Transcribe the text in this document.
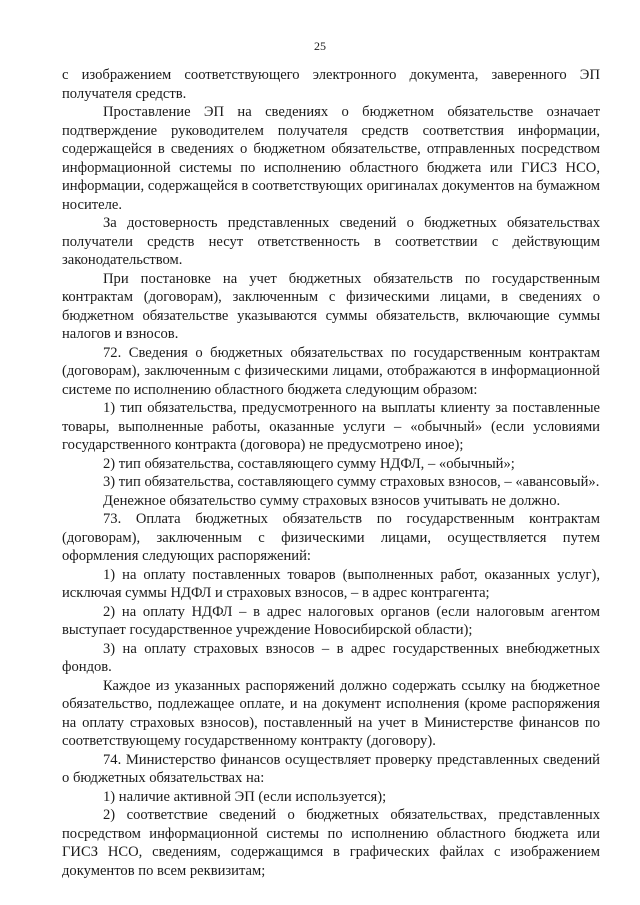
25

с изображением соответствующего электронного документа, заверенного ЭП получателя средств.

Проставление ЭП на сведениях о бюджетном обязательстве означает подтверждение руководителем получателя средств соответствия информации, содержащейся в сведениях о бюджетном обязательстве, отправленных посредством информационной системы по исполнению областного бюджета или ГИСЗ НСО, информации, содержащейся в соответствующих оригиналах документов на бумажном носителе.

За достоверность представленных сведений о бюджетных обязательствах получатели средств несут ответственность в соответствии с действующим законодательством.

При постановке на учет бюджетных обязательств по государственным контрактам (договорам), заключенным с физическими лицами, в сведениях о бюджетном обязательстве указываются суммы обязательств, включающие суммы налогов и взносов.

72. Сведения о бюджетных обязательствах по государственным контрактам (договорам), заключенным с физическими лицами, отображаются в информационной системе по исполнению областного бюджета следующим образом:

1) тип обязательства, предусмотренного на выплаты клиенту за поставленные товары, выполненные работы, оказанные услуги – «обычный» (если условиями государственного контракта (договора) не предусмотрено иное);

2) тип обязательства, составляющего сумму НДФЛ, – «обычный»;

3) тип обязательства, составляющего сумму страховых взносов, – «авансовый».

Денежное обязательство сумму страховых взносов учитывать не должно.

73. Оплата бюджетных обязательств по государственным контрактам (договорам), заключенным с физическими лицами, осуществляется путем оформления следующих распоряжений:

1) на оплату поставленных товаров (выполненных работ, оказанных услуг), исключая суммы НДФЛ и страховых взносов, – в адрес контрагента;

2) на оплату НДФЛ – в адрес налоговых органов (если налоговым агентом выступает государственное учреждение Новосибирской области);

3) на оплату страховых взносов – в адрес государственных внебюджетных фондов.

Каждое из указанных распоряжений должно содержать ссылку на бюджетное обязательство, подлежащее оплате, и на документ исполнения (кроме распоряжения на оплату страховых взносов), поставленный на учет в Министерстве финансов по соответствующему государственному контракту (договору).

74. Министерство финансов осуществляет проверку представленных сведений о бюджетных обязательствах на:

1) наличие активной ЭП (если используется);

2) соответствие сведений о бюджетных обязательствах, представленных посредством информационной системы по исполнению областного бюджета или ГИСЗ НСО, сведениям, содержащимся в графических файлах с изображением документов по всем реквизитам;
